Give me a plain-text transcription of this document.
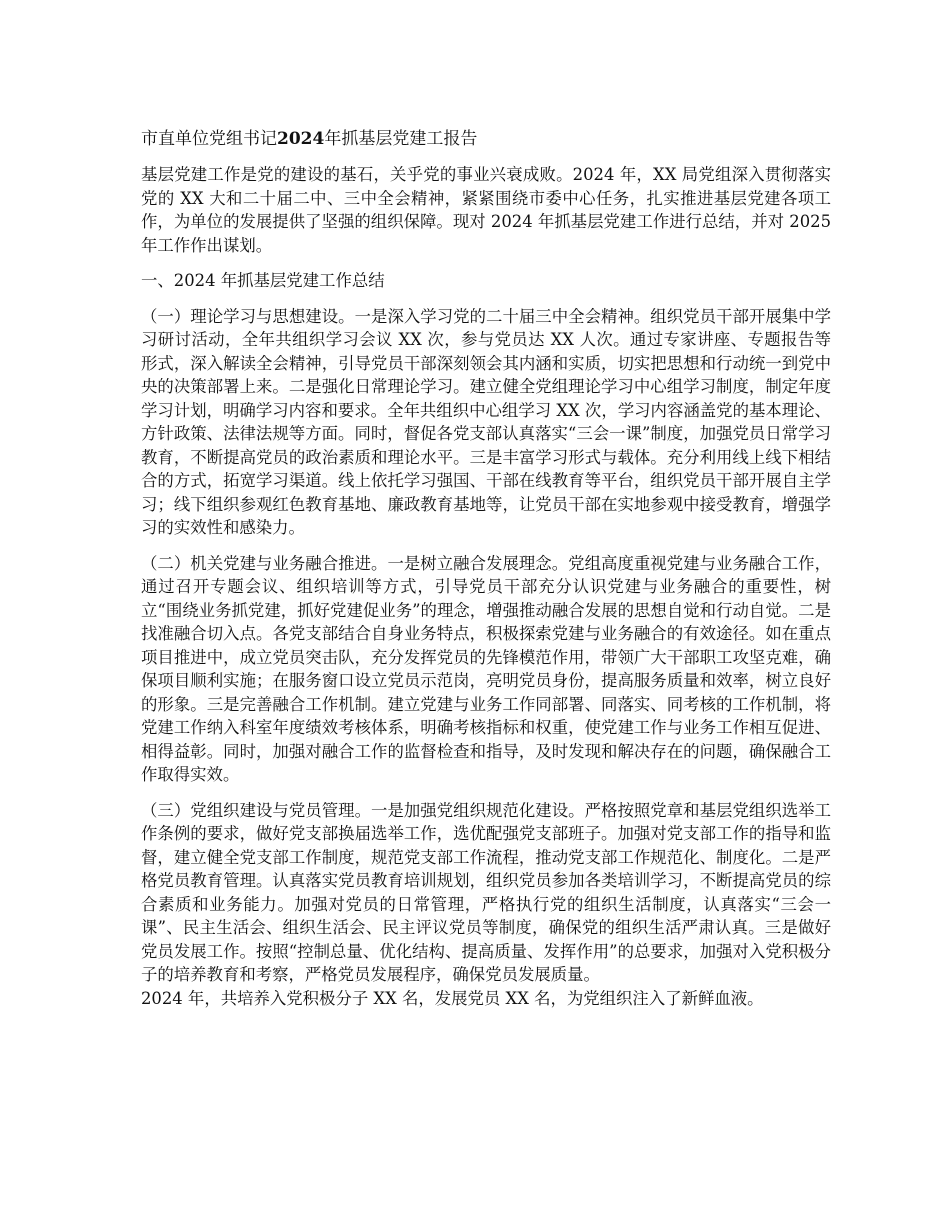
市直单位党组书记2024年抓基层党建工报告

基层党建工作是党的建设的基石，关乎党的事业兴衰成败。2024 年，XX 局党组深入贯彻落实党的 XX 大和二十届二中、三中全会精神，紧紧围绕市委中心任务，扎实推进基层党建各项工作，为单位的发展提供了坚强的组织保障。现对 2024 年抓基层党建工作进行总结，并对 2025 年工作作出谋划。

一、2024 年抓基层党建工作总结

（一）理论学习与思想建设。一是深入学习党的二十届三中全会精神。组织党员干部开展集中学习研讨活动，全年共组织学习会议 XX 次，参与党员达 XX 人次。通过专家讲座、专题报告等形式，深入解读全会精神，引导党员干部深刻领会其内涵和实质，切实把思想和行动统一到党中央的决策部署上来。二是强化日常理论学习。建立健全党组理论学习中心组学习制度，制定年度学习计划，明确学习内容和要求。全年共组织中心组学习 XX 次，学习内容涵盖党的基本理论、方针政策、法律法规等方面。同时，督促各党支部认真落实“三会一课”制度，加强党员日常学习教育，不断提高党员的政治素质和理论水平。三是丰富学习形式与载体。充分利用线上线下相结合的方式，拓宽学习渠道。线上依托学习强国、干部在线教育等平台，组织党员干部开展自主学习；线下组织参观红色教育基地、廉政教育基地等，让党员干部在实地参观中接受教育，增强学习的实效性和感染力。

（二）机关党建与业务融合推进。一是树立融合发展理念。党组高度重视党建与业务融合工作，通过召开专题会议、组织培训等方式，引导党员干部充分认识党建与业务融合的重要性，树立“围绕业务抓党建，抓好党建促业务”的理念，增强推动融合发展的思想自觉和行动自觉。二是找准融合切入点。各党支部结合自身业务特点，积极探索党建与业务融合的有效途径。如在重点项目推进中，成立党员突击队，充分发挥党员的先锋模范作用，带领广大干部职工攻坚克难，确保项目顺利实施；在服务窗口设立党员示范岗，亮明党员身份，提高服务质量和效率，树立良好的形象。三是完善融合工作机制。建立党建与业务工作同部署、同落实、同考核的工作机制，将党建工作纳入科室年度绩效考核体系，明确考核指标和权重，使党建工作与业务工作相互促进、相得益彰。同时，加强对融合工作的监督检查和指导，及时发现和解决存在的问题，确保融合工作取得实效。

（三）党组织建设与党员管理。一是加强党组织规范化建设。严格按照党章和基层党组织选举工作条例的要求，做好党支部换届选举工作，选优配强党支部班子。加强对党支部工作的指导和监督，建立健全党支部工作制度，规范党支部工作流程，推动党支部工作规范化、制度化。二是严格党员教育管理。认真落实党员教育培训规划，组织党员参加各类培训学习，不断提高党员的综合素质和业务能力。加强对党员的日常管理，严格执行党的组织生活制度，认真落实“三会一课”、民主生活会、组织生活会、民主评议党员等制度，确保党的组织生活严肃认真。三是做好党员发展工作。按照“控制总量、优化结构、提高质量、发挥作用”的总要求，加强对入党积极分子的培养教育和考察，严格党员发展程序，确保党员发展质量。

2024 年，共培养入党积极分子 XX 名，发展党员 XX 名，为党组织注入了新鲜血液。
